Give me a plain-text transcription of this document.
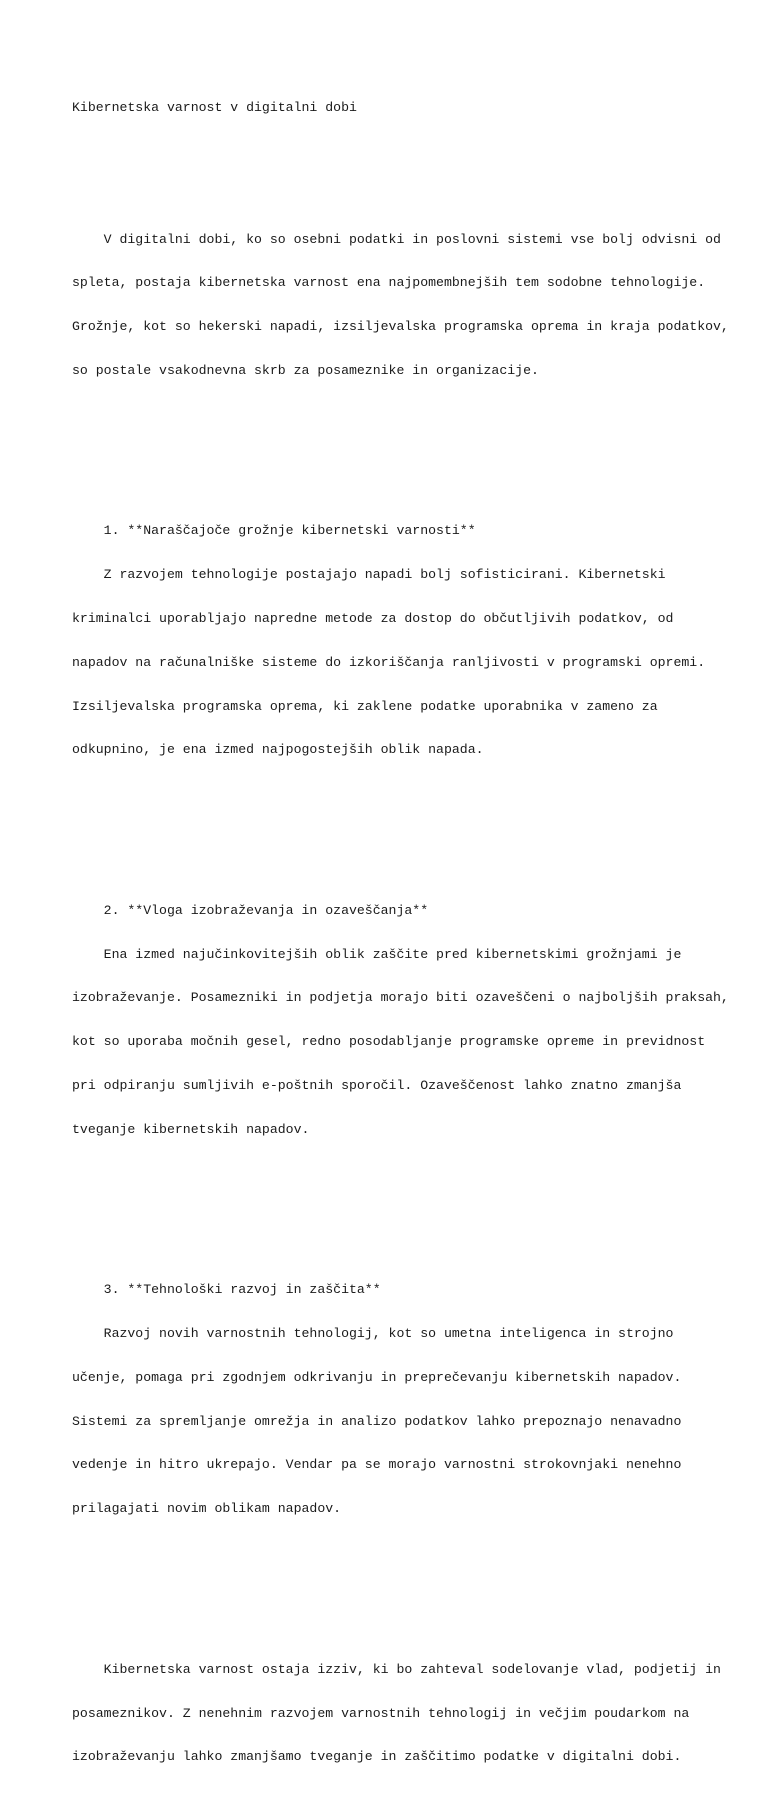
Kibernetska varnost v digitalni dobi

V digitalni dobi, ko so osebni podatki in poslovni sistemi vse bolj odvisni od

spleta, postaja kibernetska varnost ena najpomembnejših tem sodobne tehnologije.

Grožnje, kot so hekerski napadi, izsiljevalska programska oprema in kraja podatkov,

so postale vsakodnevna skrb za posameznike in organizacije.

1. **Naraščajoče grožnje kibernetski varnosti**

Z razvojem tehnologije postajajo napadi bolj sofisticirani. Kibernetski

kriminalci uporabljajo napredne metode za dostop do občutljivih podatkov, od

napadov na računalniške sisteme do izkoriščanja ranljivosti v programski opremi.

Izsiljevalska programska oprema, ki zaklene podatke uporabnika v zameno za

odkupnino, je ena izmed najpogostejših oblik napada.

2. **Vloga izobraževanja in ozaveščanja**

Ena izmed najučinkovitejših oblik zaščite pred kibernetskimi grožnjami je

izobraževanje. Posamezniki in podjetja morajo biti ozaveščeni o najboljših praksah,

kot so uporaba močnih gesel, redno posodabljanje programske opreme in previdnost

pri odpiranju sumljivih e-poštnih sporočil. Ozaveščenost lahko znatno zmanjša

tveganje kibernetskih napadov.

3. **Tehnološki razvoj in zaščita**

Razvoj novih varnostnih tehnologij, kot so umetna inteligenca in strojno

učenje, pomaga pri zgodnjem odkrivanju in preprečevanju kibernetskih napadov.

Sistemi za spremljanje omrežja in analizo podatkov lahko prepoznajo nenavadno

vedenje in hitro ukrepajo. Vendar pa se morajo varnostni strokovnjaki nenehno

prilagajati novim oblikam napadov.

Kibernetska varnost ostaja izziv, ki bo zahteval sodelovanje vlad, podjetij in

posameznikov. Z nenehnim razvojem varnostnih tehnologij in večjim poudarkom na

izobraževanju lahko zmanjšamo tveganje in zaščitimo podatke v digitalni dobi.
